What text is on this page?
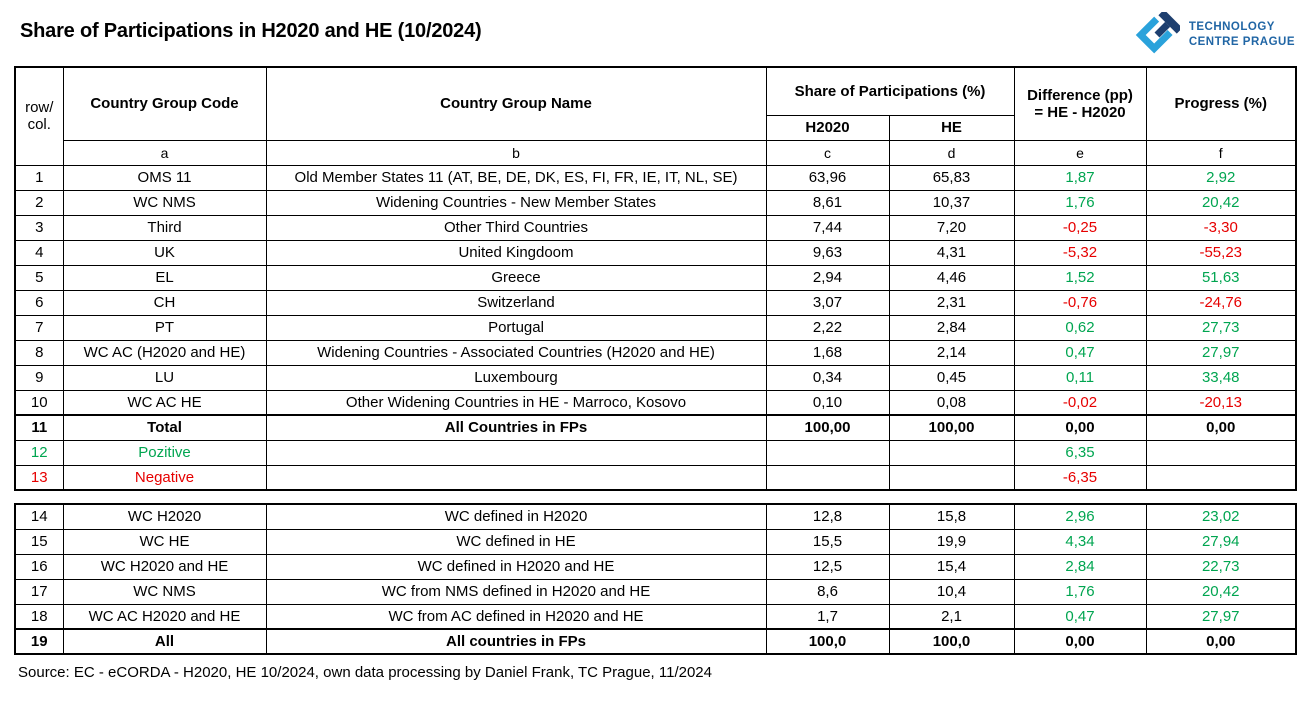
Share of Participations in H2020 and HE (10/2024)	TECHNOLOGY
CENTRE PRAGUE
row/
col.
	Country Group Code	Country Group Name	Share of Participations (%)	Difference (pp)
= HE - H2020	Progress (%)
			H2020	HE		
	a	b	c	d	e	f
1	OMS 11	Old Member States 11 (AT, BE, DE, DK, ES, FI, FR, IE, IT, NL, SE)	63,96	65,83	1,87	2,92
2	WC NMS	Widening Countries - New Member States	8,61	10,37	1,76	20,42
3	Third	Other Third Countries	7,44	7,20	-0,25	-3,30
4	UK	United Kingdoom	9,63	4,31	-5,32	-55,23
5	EL	Greece	2,94	4,46	1,52	51,63
6	CH	Switzerland	3,07	2,31	-0,76	-24,76
7	PT	Portugal	2,22	2,84	0,62	27,73
8	WC AC (H2020 and HE)	Widening Countries - Associated Countries (H2020 and HE)	1,68	2,14	0,47	27,97
9	LU	Luxembourg	0,34	0,45	0,11	33,48
10	WC AC HE	Other Widening Countries in HE - Marroco, Kosovo	0,10	0,08	-0,02	-20,13
11	Total	All Countries in FPs	100,00	100,00	0,00	0,00
12	Pozitive				6,35	
13	Negative				-6,35	
14	WC H2020	WC defined in H2020	12,8	15,8	2,96	23,02
15	WC HE	WC defined in HE	15,5	19,9	4,34	27,94
16	WC H2020 and HE	WC defined in H2020 and HE	12,5	15,4	2,84	22,73
17	WC NMS	WC from NMS defined in H2020 and HE	8,6	10,4	1,76	20,42
18	WC AC H2020 and HE	WC from AC defined in H2020 and HE	1,7	2,1	0,47	27,97
19	All	All countries in FPs	100,0	100,0	0,00	0,00
Source: EC - eCORDA - H2020, HE 10/2024, own data processing by Daniel Frank, TC Prague, 11/2024
